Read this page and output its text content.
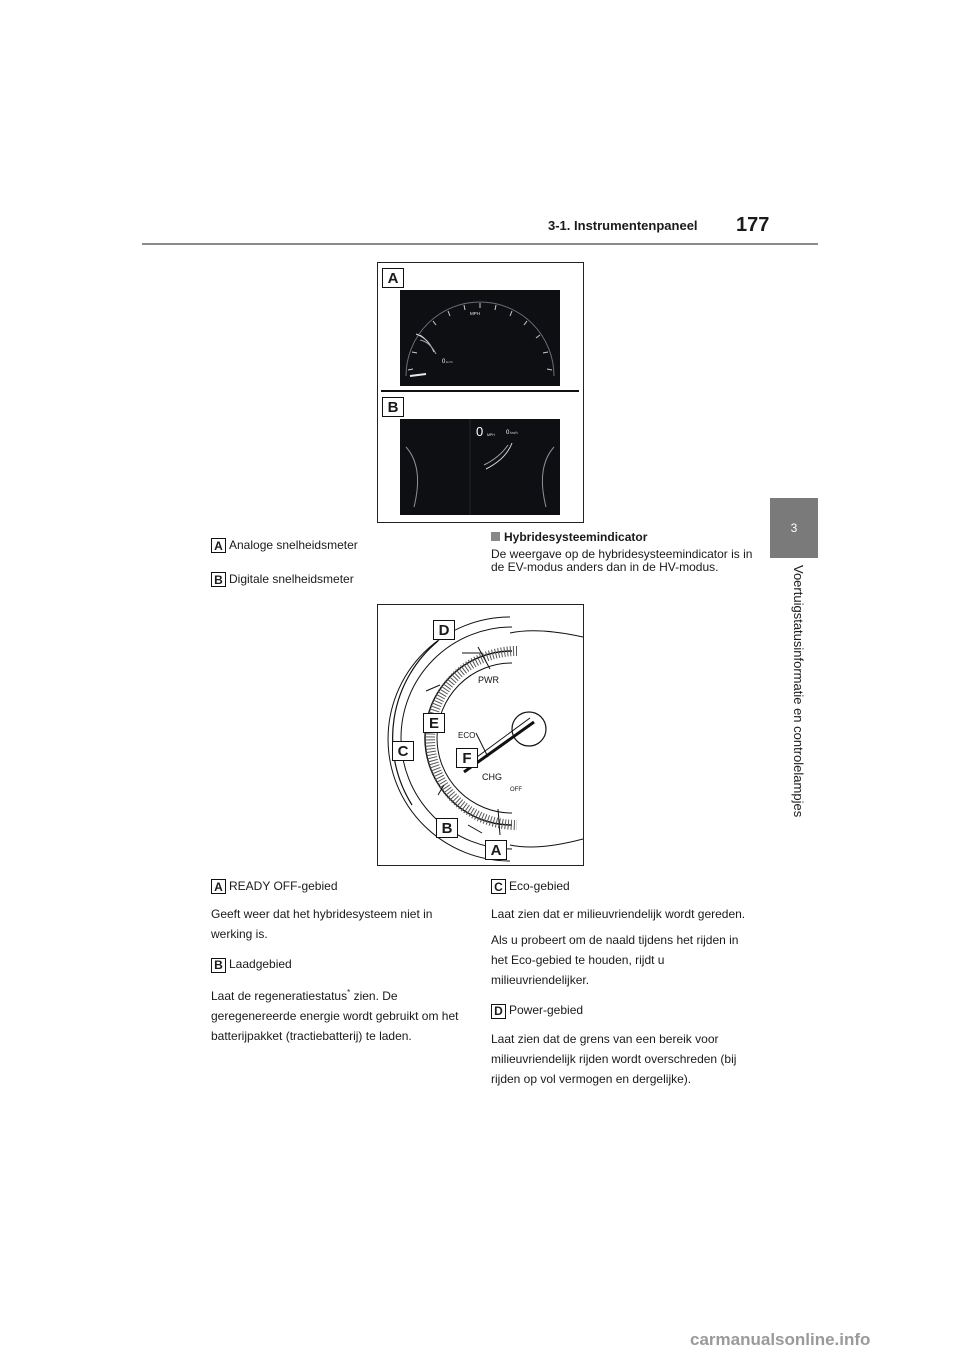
3-1. Instrumentenpaneel 177
3
Voertuigstatusinformatie en controlelampjes
A
B
MPH
0 km/h
0 MPH 0 km/h
A Analoge snelheidsmeter
B Digitale snelheidsmeter
Hybridesysteemindicator
De weergave op de hybridesysteemindicator is in de EV-modus anders dan in de HV-modus.
PWR
ECO
CHG
OFF
D
E
C	F
B
A
A READY OFF-gebied
Geeft weer dat het hybridesysteem niet in werking is.
B Laadgebied
Laat de regeneratiestatus* zien. De geregenereerde energie wordt gebruikt om het batterijpakket (tractiebatterij) te laden.
C Eco-gebied
Laat zien dat er milieuvriendelijk wordt gereden.
Als u probeert om de naald tijdens het rijden in het Eco-gebied te houden, rijdt u milieuvriendelijker.
D Power-gebied
Laat zien dat de grens van een bereik voor milieuvriendelijk rijden wordt overschreden (bij rijden op vol vermogen en dergelijke).
carmanualsonline.info
